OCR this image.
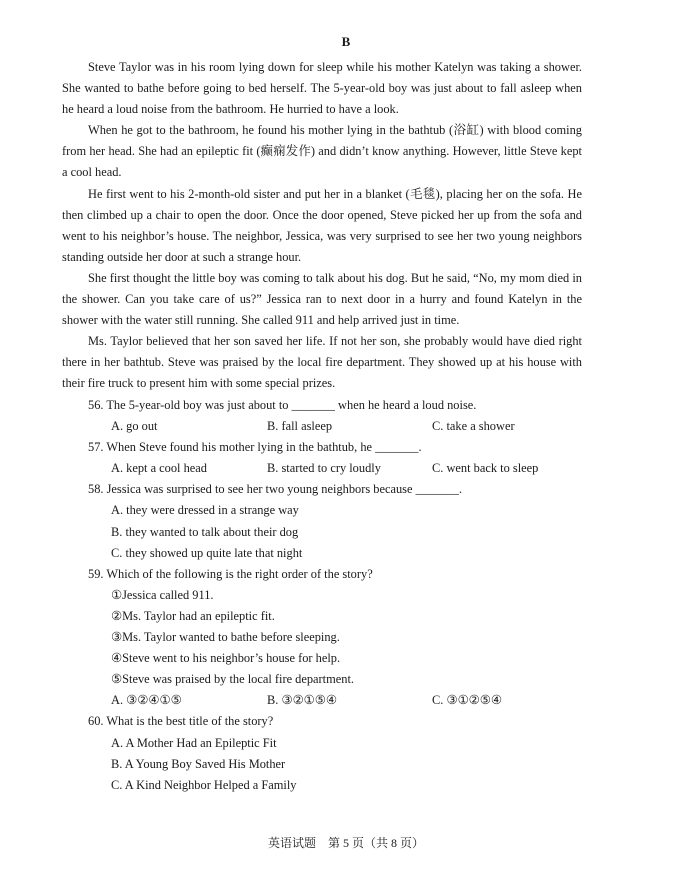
B

Steve Taylor was in his room lying down for sleep while his mother Katelyn was taking a shower. She wanted to bathe before going to bed herself. The 5-year-old boy was just about to fall asleep when he heard a loud noise from the bathroom. He hurried to have a look.

When he got to the bathroom, he found his mother lying in the bathtub (浴缸) with blood coming from her head. She had an epileptic fit (癫痫发作) and didn’t know anything. However, little Steve kept a cool head.

He first went to his 2-month-old sister and put her in a blanket (毛毯), placing her on the sofa. He then climbed up a chair to open the door. Once the door opened, Steve picked her up from the sofa and went to his neighbor’s house. The neighbor, Jessica, was very surprised to see her two young neighbors standing outside her door at such a strange hour.

She first thought the little boy was coming to talk about his dog. But he said, “No, my mom died in the shower. Can you take care of us?” Jessica ran to next door in a hurry and found Katelyn in the shower with the water still running. She called 911 and help arrived just in time.

Ms. Taylor believed that her son saved her life. If not her son, she probably would have died right there in her bathtub. Steve was praised by the local fire department. They showed up at his house with their fire truck to present him with some special prizes.

56. The 5-year-old boy was just about to _______ when he heard a loud noise.

A. go out	B. fall asleep	C. take a shower

57. When Steve found his mother lying in the bathtub, he _______.

A. kept a cool head	B. started to cry loudly	C. went back to sleep

58. Jessica was surprised to see her two young neighbors because _______.

A. they were dressed in a strange way

B. they wanted to talk about their dog

C. they showed up quite late that night

59. Which of the following is the right order of the story?

①Jessica called 911.

②Ms. Taylor had an epileptic fit.

③Ms. Taylor wanted to bathe before sleeping.

④Steve went to his neighbor’s house for help.

⑤Steve was praised by the local fire department.

A. ③②④①⑤	B. ③②①⑤④	C. ③①②⑤④

60. What is the best title of the story?

A. A Mother Had an Epileptic Fit

B. A Young Boy Saved His Mother

C. A Kind Neighbor Helped a Family

英语试题　第 5 页（共 8 页）
